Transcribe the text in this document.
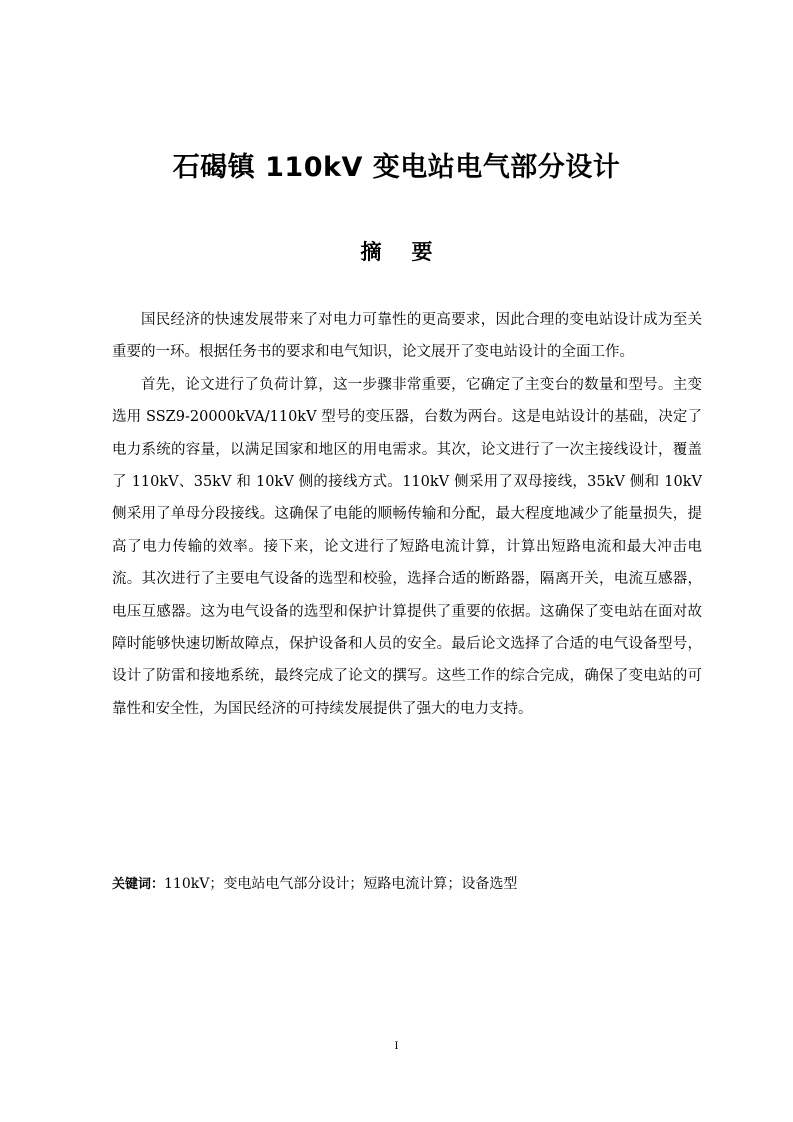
石碣镇 110kV 变电站电气部分设计
摘 要

国民经济的快速发展带来了对电力可靠性的更高要求，因此合理的变电站设计成为至关重要的一环。根据任务书的要求和电气知识，论文展开了变电站设计的全面工作。

首先，论文进行了负荷计算，这一步骤非常重要，它确定了主变台的数量和型号。主变选用 SSZ9-20000kVA/110kV 型号的变压器，台数为两台。这是电站设计的基础，决定了电力系统的容量，以满足国家和地区的用电需求。其次，论文进行了一次主接线设计，覆盖了 110kV、35kV 和 10kV 侧的接线方式。110kV 侧采用了双母接线，35kV 侧和 10kV 侧采用了单母分段接线。这确保了电能的顺畅传输和分配，最大程度地减少了能量损失，提高了电力传输的效率。接下来，论文进行了短路电流计算，计算出短路电流和最大冲击电流。其次进行了主要电气设备的选型和校验，选择合适的断路器，隔离开关，电流互感器，电压互感器。这为电气设备的选型和保护计算提供了重要的依据。这确保了变电站在面对故障时能够快速切断故障点，保护设备和人员的安全。最后论文选择了合适的电气设备型号，设计了防雷和接地系统，最终完成了论文的撰写。这些工作的综合完成，确保了变电站的可靠性和安全性，为国民经济的可持续发展提供了强大的电力支持。

关键词：110kV；变电站电气部分设计；短路电流计算；设备选型
I
